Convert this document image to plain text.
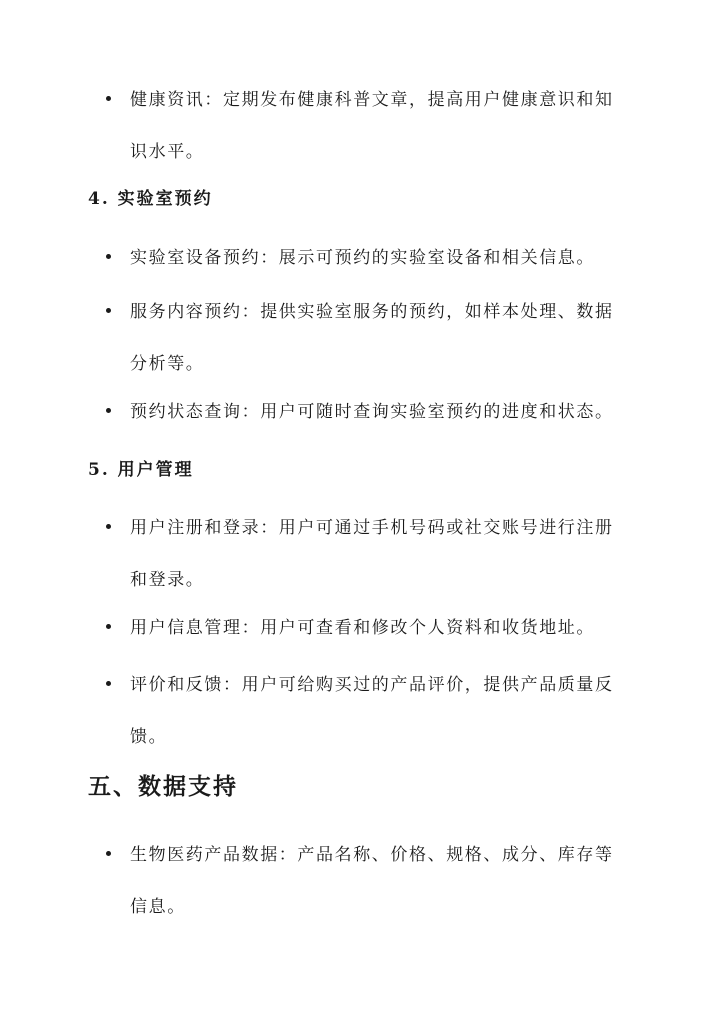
健康资讯：定期发布健康科普文章，提高用户健康意识和知识水平。
4. 实验室预约
实验室设备预约：展示可预约的实验室设备和相关信息。
服务内容预约：提供实验室服务的预约，如样本处理、数据分析等。
预约状态查询：用户可随时查询实验室预约的进度和状态。
5. 用户管理
用户注册和登录：用户可通过手机号码或社交账号进行注册和登录。
用户信息管理：用户可查看和修改个人资料和收货地址。
评价和反馈：用户可给购买过的产品评价，提供产品质量反馈。
五、数据支持
生物医药产品数据：产品名称、价格、规格、成分、库存等信息。
